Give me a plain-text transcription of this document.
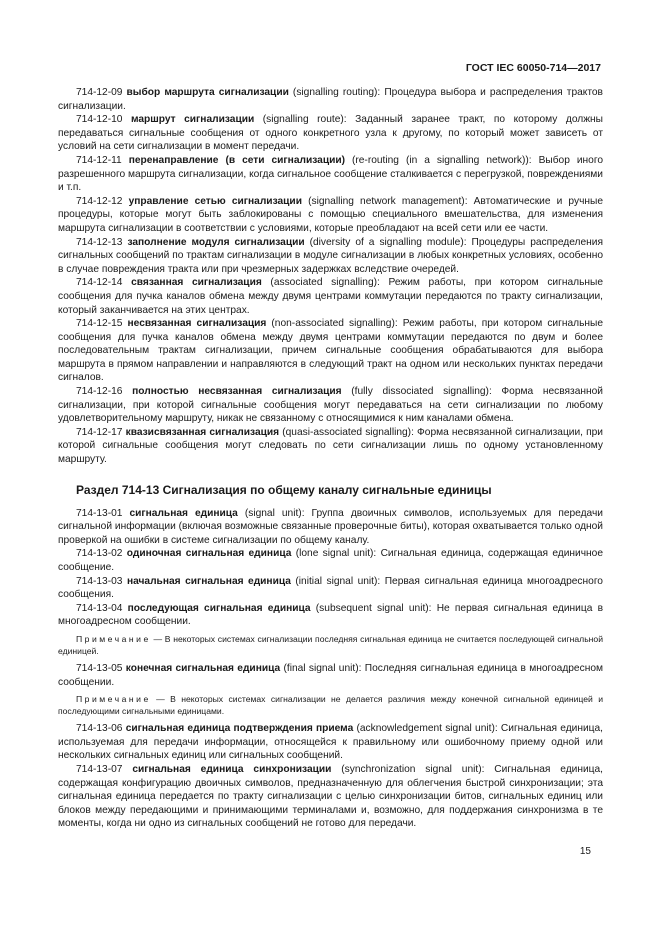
ГОСТ IEC 60050-714—2017

714-12-09 выбор маршрута сигнализации (signalling routing): Процедура выбора и распределения трактов сигнализации.

714-12-10 маршрут сигнализации (signalling route): Заданный заранее тракт, по которому должны передаваться сигнальные сообщения от одного конкретного узла к другому, по который может зависеть от условий на сети сигнализации в момент передачи.

714-12-11 перенаправление (в сети сигнализации) (re-routing (in a signalling network)): Выбор иного разрешенного маршрута сигнализации, когда сигнальное сообщение сталкивается с перегрузкой, повреждениями и т.п.

714-12-12 управление сетью сигнализации (signalling network management): Автоматические и ручные процедуры, которые могут быть заблокированы с помощью специального вмешательства, для изменения маршрута сигнализации в соответствии с условиями, которые преобладают на всей сети или ее части.

714-12-13 заполнение модуля сигнализации (diversity of a signalling module): Процедуры распределения сигнальных сообщений по трактам сигнализации в модуле сигнализации в любых конкретных условиях, особенно в случае повреждения тракта или при чрезмерных задержках вследствие очередей.

714-12-14 связанная сигнализация (associated signalling): Режим работы, при котором сигнальные сообщения для пучка каналов обмена между двумя центрами коммутации передаются по тракту сигнализации, который заканчивается на этих центрах.

714-12-15 несвязанная сигнализация (non-associated signalling): Режим работы, при котором сигнальные сообщения для пучка каналов обмена между двумя центрами коммутации передаются по двум и более последовательным трактам сигнализации, причем сигнальные сообщения обрабатываются для выбора маршрута в прямом направлении и направляются в следующий тракт на одном или нескольких пунктах передачи сигналов.

714-12-16 полностью несвязанная сигнализация (fully dissociated signalling): Форма несвязанной сигнализации, при которой сигнальные сообщения могут передаваться на сети сигнализации по любому удовлетворительному маршруту, никак не связанному с относящимися к ним каналами обмена.

714-12-17 квазисвязанная сигнализация (quasi-associated signalling): Форма несвязанной сигнализации, при которой сигнальные сообщения могут следовать по сети сигнализации лишь по одному установленному маршруту.

Раздел 714-13 Сигнализация по общему каналу сигнальные единицы

714-13-01 сигнальная единица (signal unit): Группа двоичных символов, используемых для передачи сигнальной информации (включая возможные связанные проверочные биты), которая охватывается только одной проверкой на ошибки в системе сигнализации по общему каналу.

714-13-02 одиночная сигнальная единица (lone signal unit): Сигнальная единица, содержащая единичное сообщение.

714-13-03 начальная сигнальная единица (initial signal unit): Первая сигнальная единица многоадресного сообщения.

714-13-04 последующая сигнальная единица (subsequent signal unit): Не первая сигнальная единица в многоадресном сообщении.

Примечание — В некоторых системах сигнализации последняя сигнальная единица не считается последующей сигнальной единицей.

714-13-05 конечная сигнальная единица (final signal unit): Последняя сигнальная единица в многоадресном сообщении.

Примечание — В некоторых системах сигнализации не делается различия между конечной сигнальной единицей и последующими сигнальными единицами.

714-13-06 сигнальная единица подтверждения приема (acknowledgement signal unit): Сигнальная единица, используемая для передачи информации, относящейся к правильному или ошибочному приему одной или нескольких сигнальных единиц или сигнальных сообщений.

714-13-07 сигнальная единица синхронизации (synchronization signal unit): Сигнальная единица, содержащая конфигурацию двоичных символов, предназначенную для облегчения быстрой синхронизации; эта сигнальная единица передается по тракту сигнализации с целью синхронизации битов, сигнальных единиц или блоков между передающими и принимающими терминалами и, возможно, для поддержания синхронизма в те моменты, когда ни одно из сигнальных сообщений не готово для передачи.

15
